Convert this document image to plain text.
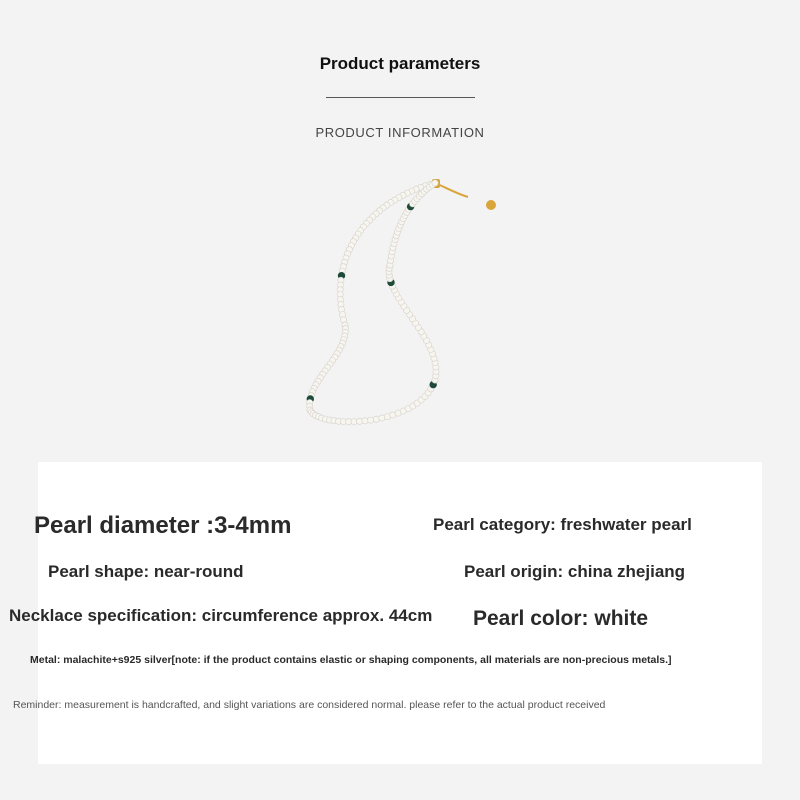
Product parameters
PRODUCT INFORMATION
Pearl diameter :3-4mm	Pearl category: freshwater pearl
Pearl shape: near-round	Pearl origin: china zhejiang
Necklace specification: circumference approx. 44cm Pearl color: white
Metal: malachite+s925 silver[note: if the product contains elastic or shaping components, all materials are non-precious metals.]
Reminder: measurement is handcrafted, and slight variations are considered normal. please refer to the actual product received
